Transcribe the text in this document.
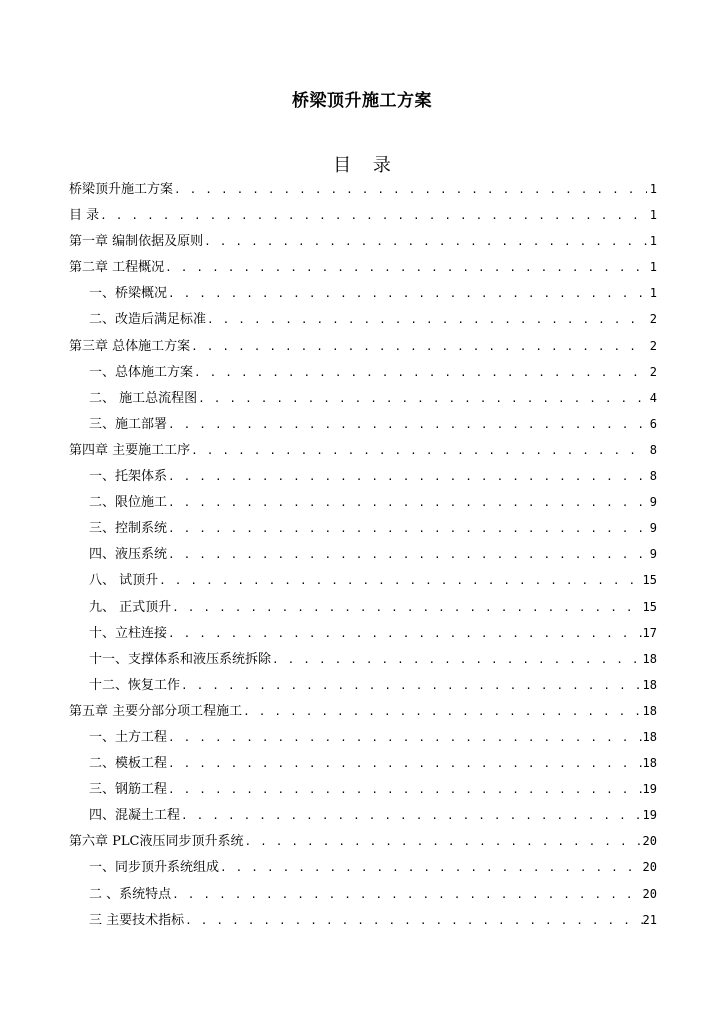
桥梁顶升施工方案
目 录
桥梁顶升施工方案 . . .	1
目 录 . . .	1
第一章 编制依据及原则 . . .	1
第二章 工程概况 . . .	1
一、桥梁概况 . . .	1
二、改造后满足标准 . . .	2
第三章 总体施工方案 . . .	2
一、总体施工方案 . . .	2
二、 施工总流程图 . . .	4
三、施工部署 . . .	6
第四章 主要施工工序 . . .	8
一、托架体系 . . .	8
二、限位施工 . . .	9
三、控制系统 . . .	9
四、液压系统 . . .	9
八、 试顶升 . . .	15
九、 正式顶升 . . .	15
十、立柱连接 . . .	17
十一、支撑体系和液压系统拆除 . . .	18
十二、恢复工作 . . .	18
第五章 主要分部分项工程施工 . . .	18
一、土方工程 . . .	18
二、模板工程 . . .	18
三、钢筋工程 . . .	19
四、混凝土工程 . . .	19
第六章 PLC液压同步顶升系统 . . .	20
一、同步顶升系统组成 . . .	20
二 、系统特点 . . .	20
三 主要技术指标 . . .	21
